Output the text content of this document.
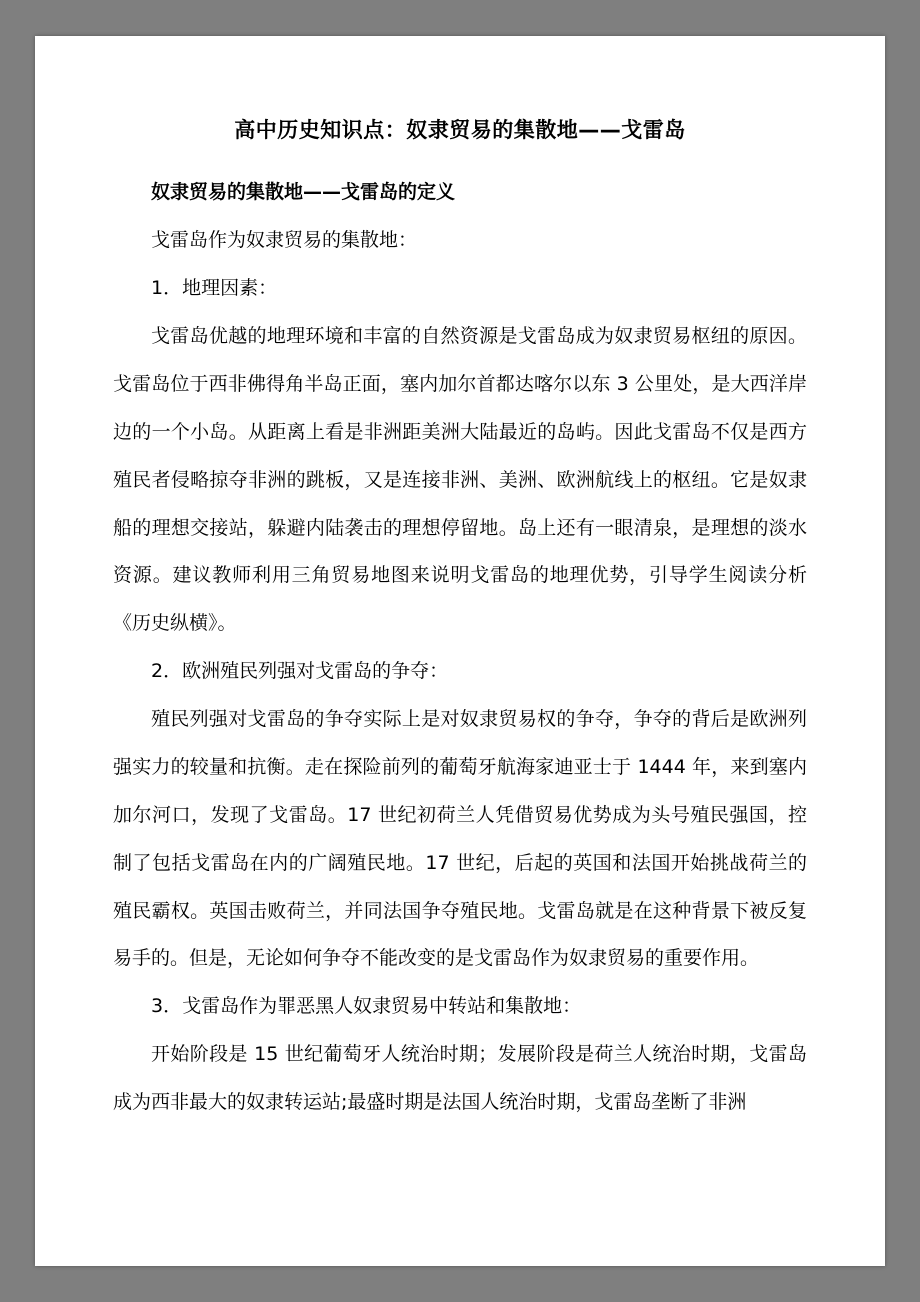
高中历史知识点：奴隶贸易的集散地——戈雷岛

奴隶贸易的集散地——戈雷岛的定义

戈雷岛作为奴隶贸易的集散地：

1．地理因素：

戈雷岛优越的地理环境和丰富的自然资源是戈雷岛成为奴隶贸易枢纽的原因。戈雷岛位于西非佛得角半岛正面，塞内加尔首都达喀尔以东 3 公里处，是大西洋岸边的一个小岛。从距离上看是非洲距美洲大陆最近的岛屿。因此戈雷岛不仅是西方殖民者侵略掠夺非洲的跳板，又是连接非洲、美洲、欧洲航线上的枢纽。它是奴隶船的理想交接站，躲避内陆袭击的理想停留地。岛上还有一眼清泉，是理想的淡水资源。建议教师利用三角贸易地图来说明戈雷岛的地理优势，引导学生阅读分析《历史纵横》。

2．欧洲殖民列强对戈雷岛的争夺：

殖民列强对戈雷岛的争夺实际上是对奴隶贸易权的争夺，争夺的背后是欧洲列强实力的较量和抗衡。走在探险前列的葡萄牙航海家迪亚士于 1444 年，来到塞内加尔河口，发现了戈雷岛。17 世纪初荷兰人凭借贸易优势成为头号殖民强国，控制了包括戈雷岛在内的广阔殖民地。17 世纪，后起的英国和法国开始挑战荷兰的殖民霸权。英国击败荷兰，并同法国争夺殖民地。戈雷岛就是在这种背景下被反复易手的。但是，无论如何争夺不能改变的是戈雷岛作为奴隶贸易的重要作用。

3．戈雷岛作为罪恶黑人奴隶贸易中转站和集散地：

开始阶段是 15 世纪葡萄牙人统治时期；发展阶段是荷兰人统治时期，戈雷岛成为西非最大的奴隶转运站;最盛时期是法国人统治时期，戈雷岛垄断了非洲
